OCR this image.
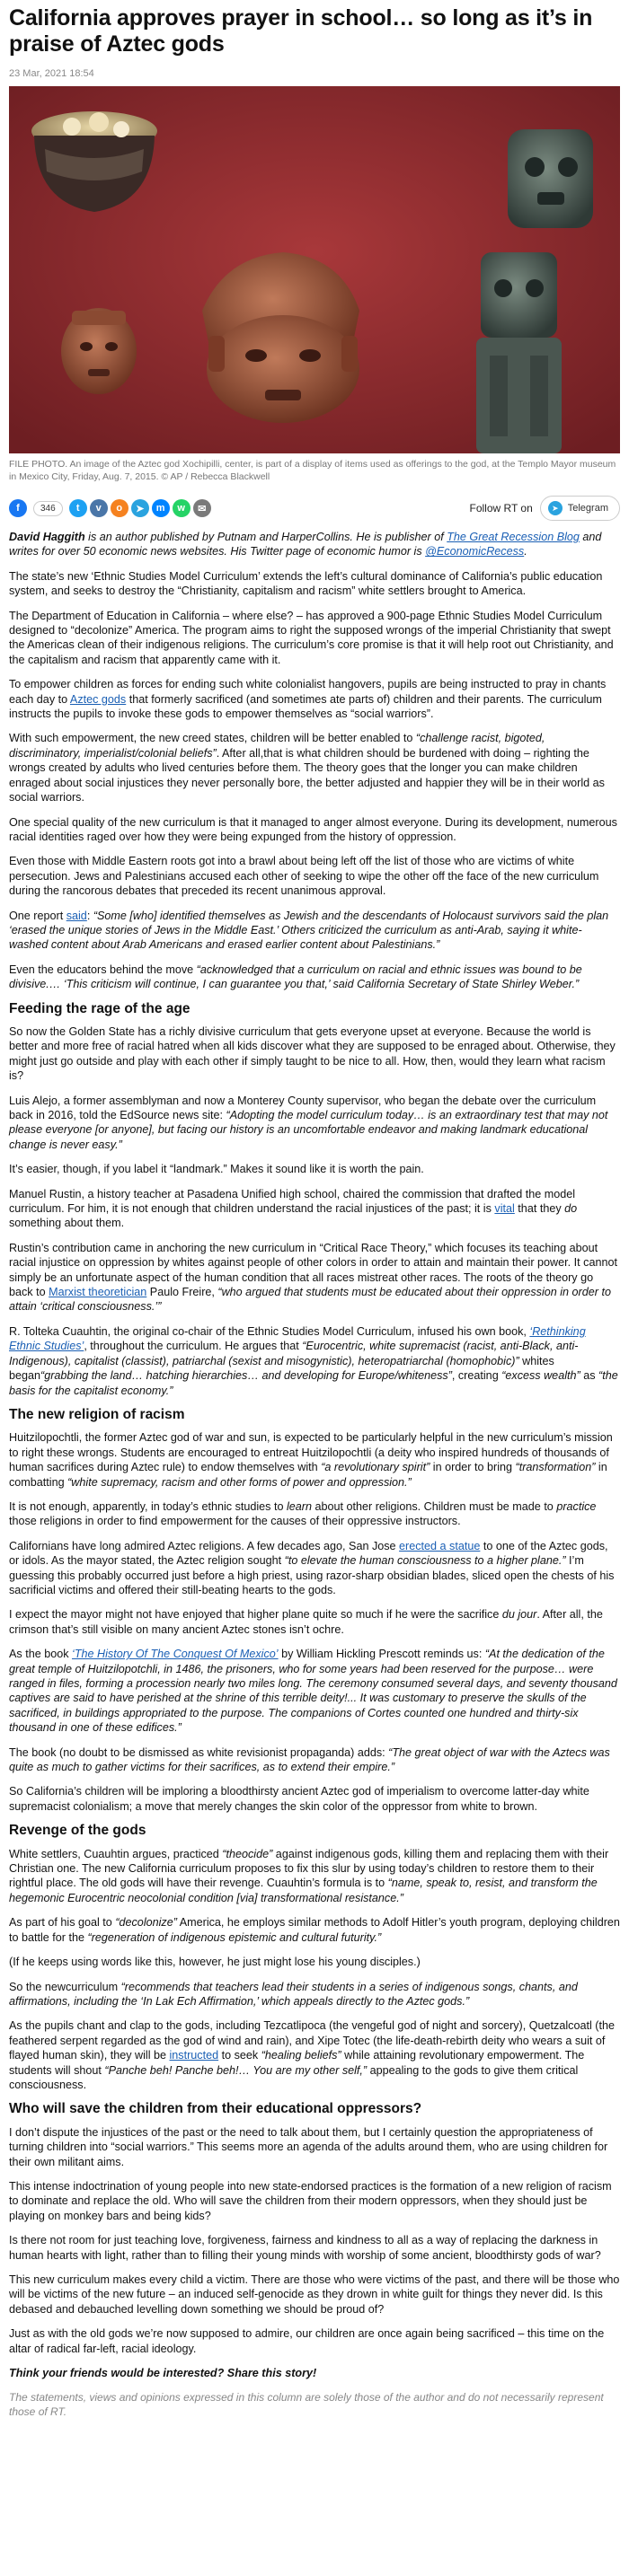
California approves prayer in school… so long as it’s in praise of Aztec gods
23 Mar, 2021 18:54
FILE PHOTO. An image of the Aztec god Xochipilli, center, is part of a display of items used as offerings to the god, at the Templo Mayor museum in Mexico City, Friday, Aug. 7, 2015. © AP / Rebecca Blackwell
f	346	t	v	o	➤	m	w	✉	Follow RT on	➤ Telegram

David Haggith is an author published by Putnam and HarperCollins. He is publisher of The Great Recession Blog and writes for over 50 economic news websites. His Twitter page of economic humor is @EconomicRecess.

The state’s new ‘Ethnic Studies Model Curriculum’ extends the left’s cultural dominance of California’s public education system, and seeks to destroy the “Christianity, capitalism and racism” white settlers brought to America.

The Department of Education in California – where else? – has approved a 900-page Ethnic Studies Model Curriculum designed to “decolonize” America. The program aims to right the supposed wrongs of the imperial Christianity that swept the Americas clean of their indigenous religions. The curriculum’s core promise is that it will help root out Christianity, and the capitalism and racism that apparently came with it.

To empower children as forces for ending such white colonialist hangovers, pupils are being instructed to pray in chants each day to Aztec gods that formerly sacrificed (and sometimes ate parts of) children and their parents. The curriculum instructs the pupils to invoke these gods to empower themselves as “social warriors”.

With such empowerment, the new creed states, children will be better enabled to “challenge racist, bigoted, discriminatory, imperialist/colonial beliefs”. After all,that is what children should be burdened with doing – righting the wrongs created by adults who lived centuries before them. The theory goes that the longer you can make children enraged about social injustices they never personally bore, the better adjusted and happier they will be in their world as social warriors.

One special quality of the new curriculum is that it managed to anger almost everyone. During its development, numerous racial identities raged over how they were being expunged from the history of oppression.

Even those with Middle Eastern roots got into a brawl about being left off the list of those who are victims of white persecution. Jews and Palestinians accused each other of seeking to wipe the other off the face of the new curriculum during the rancorous debates that preceded its recent unanimous approval.

One report said: “Some [who] identified themselves as Jewish and the descendants of Holocaust survivors said the plan ‘erased the unique stories of Jews in the Middle East.’ Others criticized the curriculum as anti-Arab, saying it white-washed content about Arab Americans and erased earlier content about Palestinians.”

Even the educators behind the move “acknowledged that a curriculum on racial and ethnic issues was bound to be divisive.… ‘This criticism will continue, I can guarantee you that,’ said California Secretary of State Shirley Weber.”

Feeding the rage of the age

So now the Golden State has a richly divisive curriculum that gets everyone upset at everyone. Because the world is better and more free of racial hatred when all kids discover what they are supposed to be enraged about. Otherwise, they might just go outside and play with each other if simply taught to be nice to all. How, then, would they learn what racism is?

Luis Alejo, a former assemblyman and now a Monterey County supervisor, who began the debate over the curriculum back in 2016, told the EdSource news site: “Adopting the model curriculum today… is an extraordinary test that may not please everyone [or anyone], but facing our history is an uncomfortable endeavor and making landmark educational change is never easy.”

It’s easier, though, if you label it “landmark.” Makes it sound like it is worth the pain.

Manuel Rustin, a history teacher at Pasadena Unified high school, chaired the commission that drafted the model curriculum. For him, it is not enough that children understand the racial injustices of the past; it is vital that they do something about them.

Rustin’s contribution came in anchoring the new curriculum in “Critical Race Theory,” which focuses its teaching about racial injustice on oppression by whites against people of other colors in order to attain and maintain their power. It cannot simply be an unfortunate aspect of the human condition that all races mistreat other races. The roots of the theory go back to Marxist theoretician Paulo Freire, “who argued that students must be educated about their oppression in order to attain ‘critical consciousness.’”

R. Tolteka Cuauhtin, the original co-chair of the Ethnic Studies Model Curriculum, infused his own book, ‘Rethinking Ethnic Studies’, throughout the curriculum. He argues that “Eurocentric, white supremacist (racist, anti-Black, anti-Indigenous), capitalist (classist), patriarchal (sexist and misogynistic), heteropatriarchal (homophobic)” whites began“grabbing the land… hatching hierarchies… and developing for Europe/whiteness”, creating “excess wealth” as “the basis for the capitalist economy.”

The new religion of racism

Huitzilopochtli, the former Aztec god of war and sun, is expected to be particularly helpful in the new curriculum’s mission to right these wrongs. Students are encouraged to entreat Huitzilopochtli (a deity who inspired hundreds of thousands of human sacrifices during Aztec rule) to endow themselves with “a revolutionary spirit” in order to bring “transformation” in combatting “white supremacy, racism and other forms of power and oppression.”

It is not enough, apparently, in today’s ethnic studies to learn about other religions. Children must be made to practice those religions in order to find empowerment for the causes of their oppressive instructors.

Californians have long admired Aztec religions. A few decades ago, San Jose erected a statue to one of the Aztec gods, or idols. As the mayor stated, the Aztec religion sought “to elevate the human consciousness to a higher plane.” I’m guessing this probably occurred just before a high priest, using razor-sharp obsidian blades, sliced open the chests of his sacrificial victims and offered their still-beating hearts to the gods.

I expect the mayor might not have enjoyed that higher plane quite so much if he were the sacrifice du jour. After all, the crimson that’s still visible on many ancient Aztec stones isn’t ochre.

As the book ‘The History Of The Conquest Of Mexico’ by William Hickling Prescott reminds us: “At the dedication of the great temple of Huitzilopotchli, in 1486, the prisoners, who for some years had been reserved for the purpose… were ranged in files, forming a procession nearly two miles long. The ceremony consumed several days, and seventy thousand captives are said to have perished at the shrine of this terrible deity!... It was customary to preserve the skulls of the sacrificed, in buildings appropriated to the purpose. The companions of Cortes counted one hundred and thirty-six thousand in one of these edifices.”

The book (no doubt to be dismissed as white revisionist propaganda) adds: “The great object of war with the Aztecs was quite as much to gather victims for their sacrifices, as to extend their empire.”

So California’s children will be imploring a bloodthirsty ancient Aztec god of imperialism to overcome latter-day white supremacist colonialism; a move that merely changes the skin color of the oppressor from white to brown.

Revenge of the gods

White settlers, Cuauhtin argues, practiced “theocide” against indigenous gods, killing them and replacing them with their Christian one. The new California curriculum proposes to fix this slur by using today’s children to restore them to their rightful place. The old gods will have their revenge. Cuauhtin’s formula is to “name, speak to, resist, and transform the hegemonic Eurocentric neocolonial condition [via] transformational resistance.”

As part of his goal to “decolonize” America, he employs similar methods to Adolf Hitler’s youth program, deploying children to battle for the “regeneration of indigenous epistemic and cultural futurity.”

(If he keeps using words like this, however, he just might lose his young disciples.)

So the newcurriculum “recommends that teachers lead their students in a series of indigenous songs, chants, and affirmations, including the ‘In Lak Ech Affirmation,’ which appeals directly to the Aztec gods.”

As the pupils chant and clap to the gods, including Tezcatlipoca (the vengeful god of night and sorcery), Quetzalcoatl (the feathered serpent regarded as the god of wind and rain), and Xipe Totec (the life-death-rebirth deity who wears a suit of flayed human skin), they will be instructed to seek “healing beliefs” while attaining revolutionary empowerment. The students will shout “Panche beh! Panche beh!… You are my other self,” appealing to the gods to give them critical consciousness.

Who will save the children from their educational oppressors?

I don’t dispute the injustices of the past or the need to talk about them, but I certainly question the appropriateness of turning children into “social warriors.” This seems more an agenda of the adults around them, who are using children for their own militant aims.

This intense indoctrination of young people into new state-endorsed practices is the formation of a new religion of racism to dominate and replace the old. Who will save the children from their modern oppressors, when they should just be playing on monkey bars and being kids?

Is there not room for just teaching love, forgiveness, fairness and kindness to all as a way of replacing the darkness in human hearts with light, rather than to filling their young minds with worship of some ancient, bloodthirsty gods of war?

This new curriculum makes every child a victim. There are those who were victims of the past, and there will be those who will be victims of the new future – an induced self-genocide as they drown in white guilt for things they never did. Is this debased and debauched levelling down something we should be proud of?

Just as with the old gods we’re now supposed to admire, our children are once again being sacrificed – this time on the altar of radical far-left, racial ideology.

Think your friends would be interested? Share this story!

The statements, views and opinions expressed in this column are solely those of the author and do not necessarily represent those of RT.
